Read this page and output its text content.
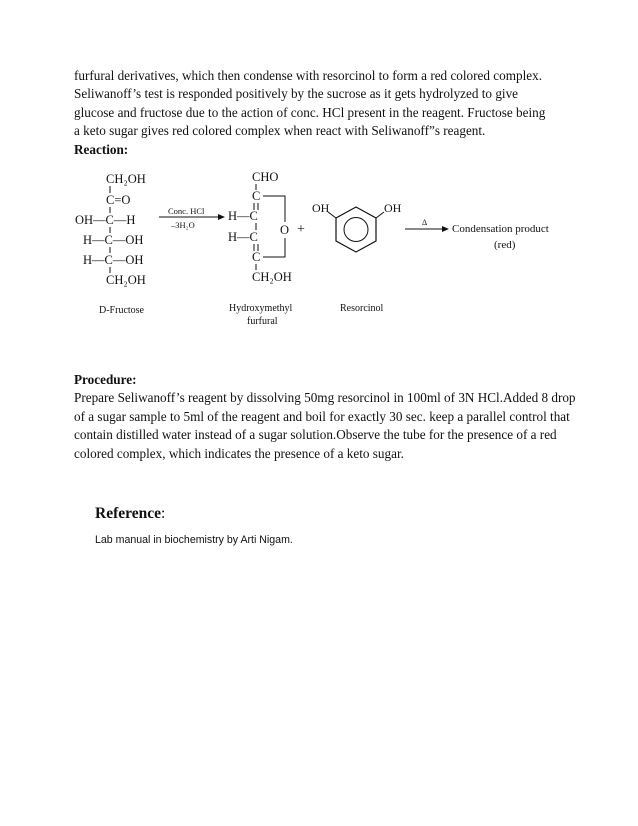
furfural derivatives, which then condense with resorcinol to form a red colored complex.
Seliwanoff’s test is responded positively by the sucrose as it gets hydrolyzed to give
glucose and fructose due to the action of conc. HCl present in the reagent. Fructose being
a keto sugar gives red colored complex when react with Seliwanoff”s reagent.
Reaction:
CH₂OH
C=O
OH—C—H
H—C—OH
H—C—OH
CH₂OH
D-Fructose
Conc. HCl
–3H₂O
CHO
C
H—C
H—C
C
CH₂OH
O
Hydroxymethyl
furfural
+
OH	OH
Resorcinol
Δ
Condensation product
(red)
Procedure:
Prepare Seliwanoff’s reagent by dissolving 50mg resorcinol in 100ml of 3N HCl.Added 8 drop
of a sugar sample to 5ml of the reagent and boil for exactly 30 sec. keep a parallel control that
contain distilled water instead of a sugar solution.Observe the tube for the presence of a red
colored complex, which indicates the presence of a keto sugar.
Reference:
Lab manual in biochemistry by Arti Nigam.
